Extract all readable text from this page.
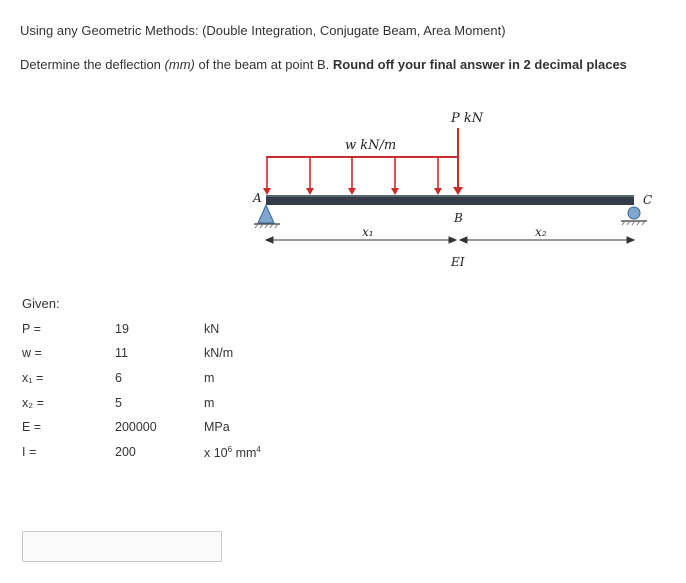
Using any Geometric Methods: (Double Integration, Conjugate Beam, Area Moment)
Determine the deflection (mm) of the beam at point B. Round off your final answer in 2 decimal places
w kN/m
P kN
A
B
C
x₁	x₂
EI
Given:
P =	19	kN
w =	11	kN/m
x₁ =	6	m
x₂ =	5	m
E =	200000	MPa
I =	200	x $10^6$ $mm^4$
